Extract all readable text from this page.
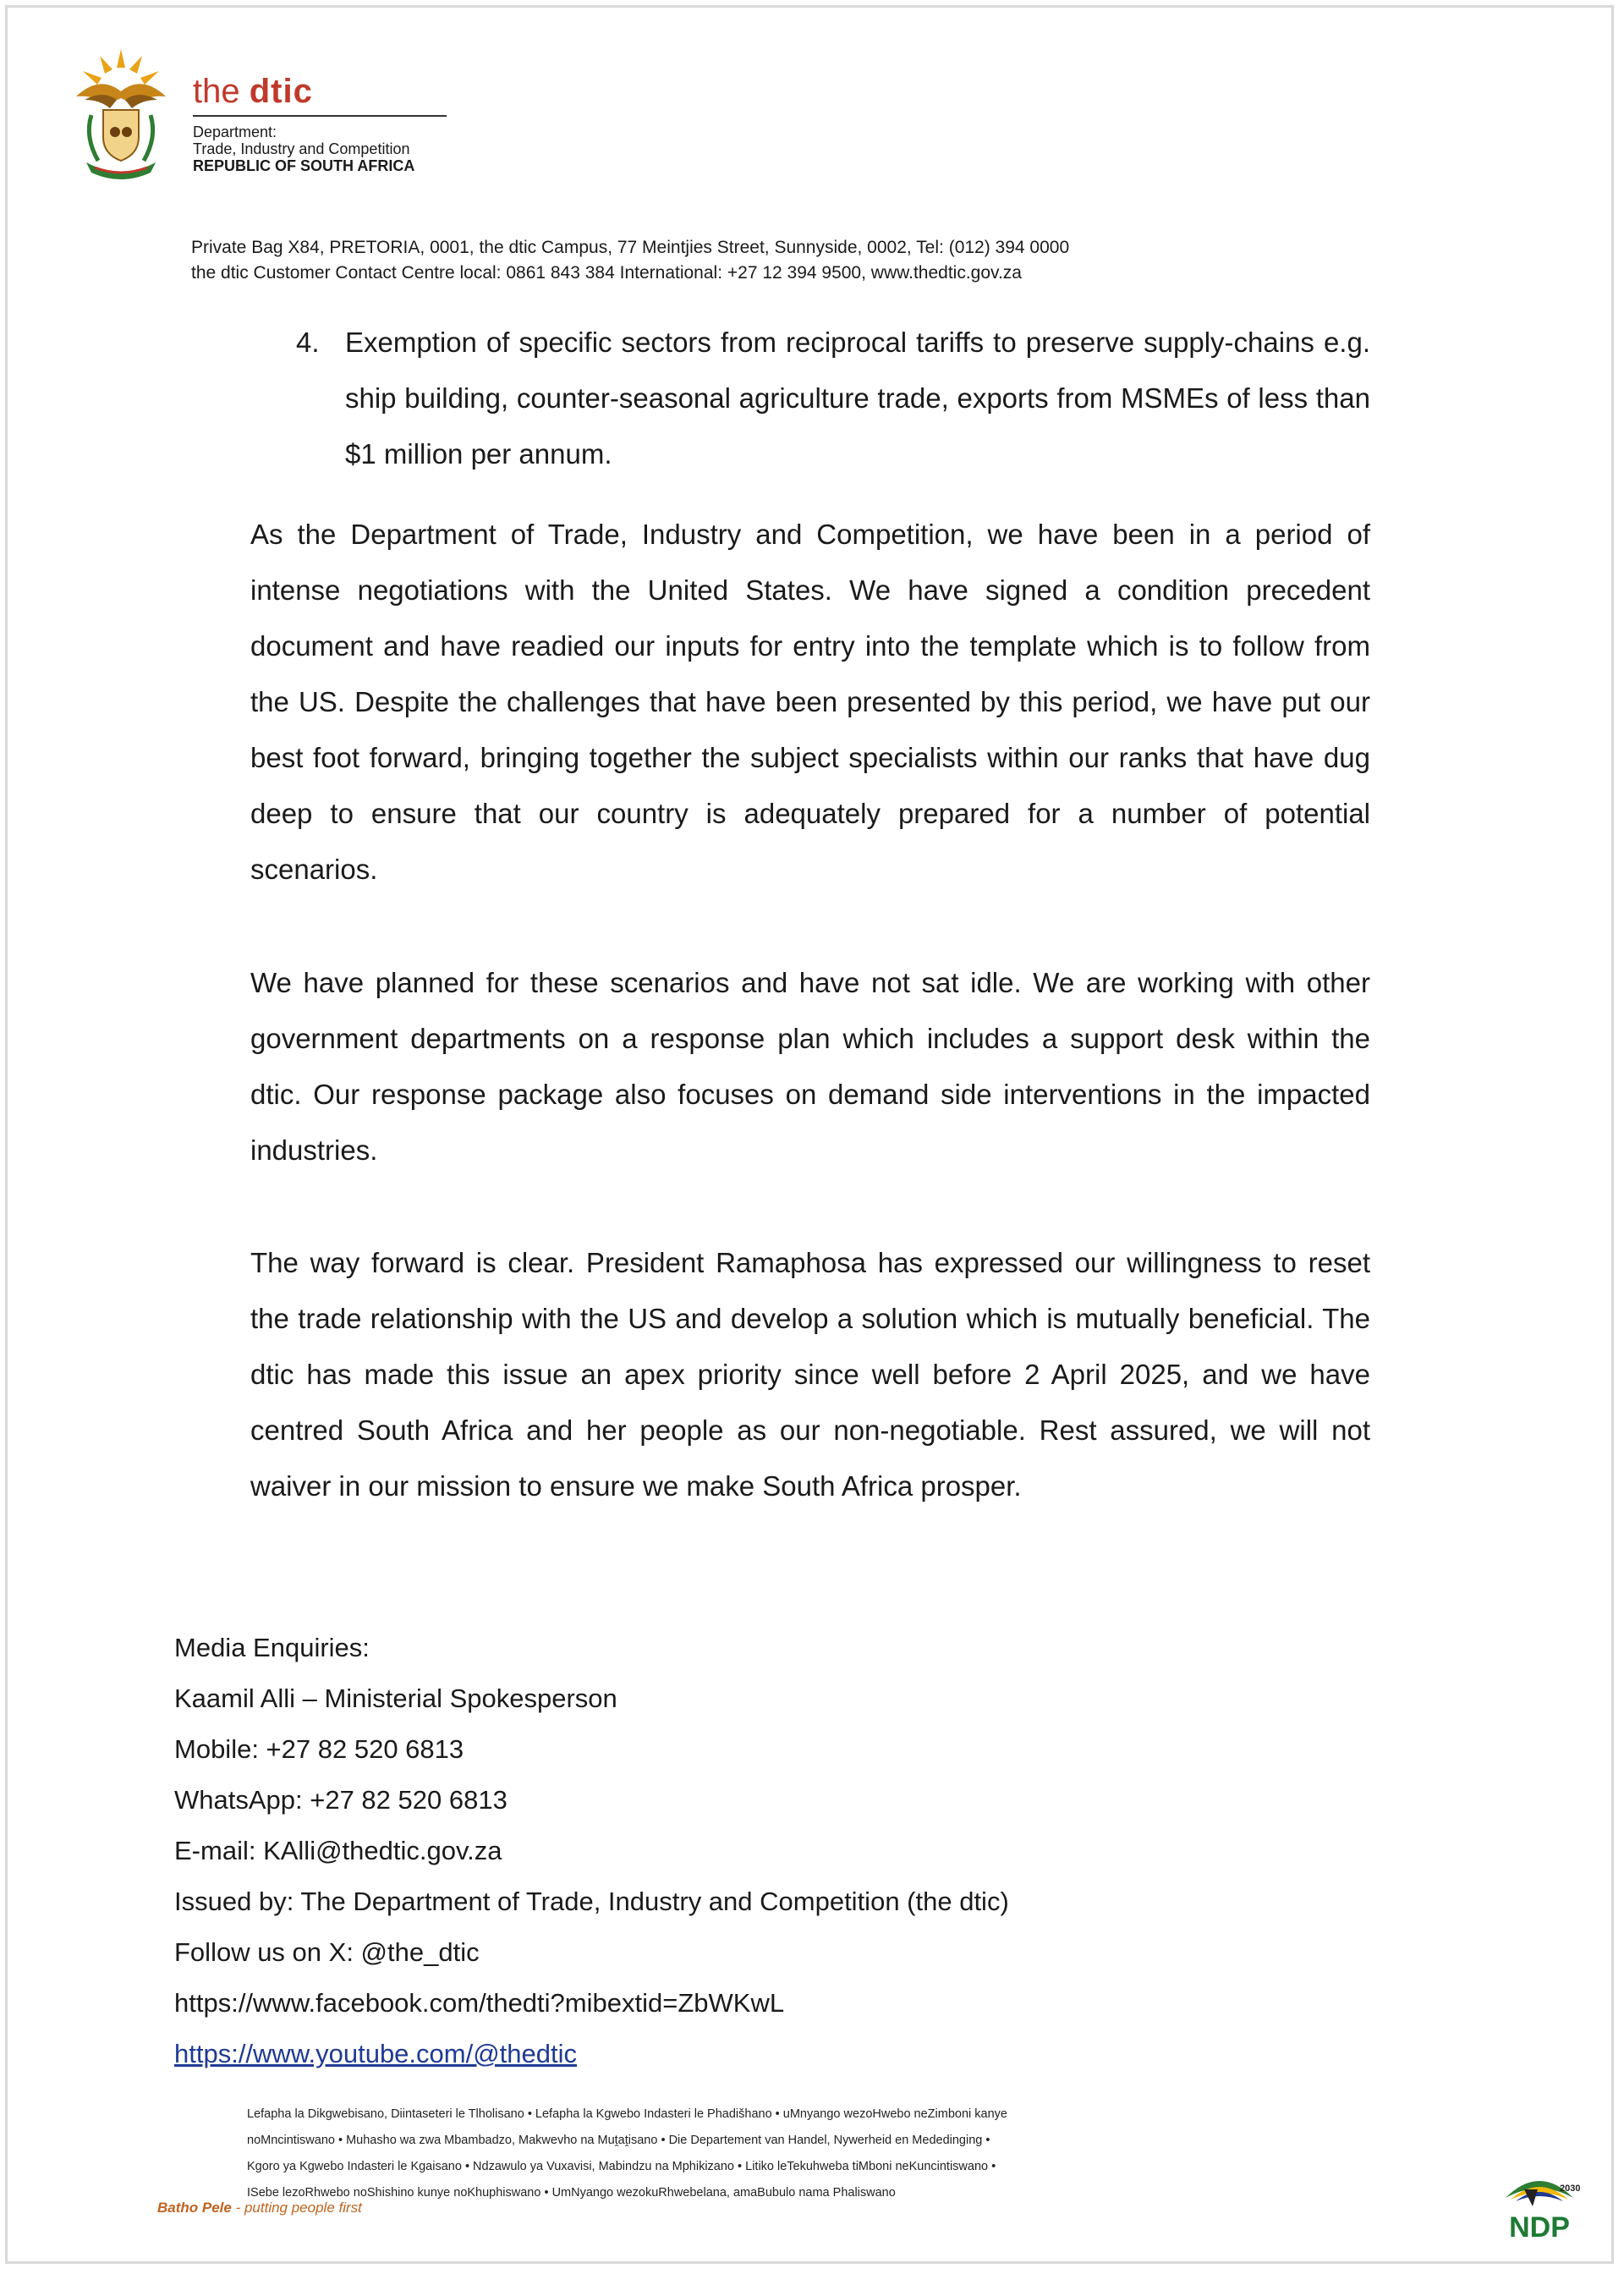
the dtic
Department:
Trade, Industry and Competition
REPUBLIC OF SOUTH AFRICA
Private Bag X84, PRETORIA, 0001, the dtic Campus, 77 Meintjies Street, Sunnyside, 0002, Tel: (012) 394 0000
the dtic Customer Contact Centre local: 0861 843 384 International: +27 12 394 9500, www.thedtic.gov.za
4. Exemption of specific sectors from reciprocal tariffs to preserve supply-chains e.g. ship building, counter-seasonal agriculture trade, exports from MSMEs of less than $1 million per annum.
As the Department of Trade, Industry and Competition, we have been in a period of intense negotiations with the United States. We have signed a condition precedent document and have readied our inputs for entry into the template which is to follow from the US. Despite the challenges that have been presented by this period, we have put our best foot forward, bringing together the subject specialists within our ranks that have dug deep to ensure that our country is adequately prepared for a number of potential scenarios.
We have planned for these scenarios and have not sat idle. We are working with other government departments on a response plan which includes a support desk within the dtic. Our response package also focuses on demand side interventions in the impacted industries.
The way forward is clear. President Ramaphosa has expressed our willingness to reset the trade relationship with the US and develop a solution which is mutually beneficial. The dtic has made this issue an apex priority since well before 2 April 2025, and we have centred South Africa and her people as our non-negotiable. Rest assured, we will not waiver in our mission to ensure we make South Africa prosper.
Media Enquiries:
Kaamil Alli – Ministerial Spokesperson
Mobile: +27 82 520 6813
WhatsApp: +27 82 520 6813
E-mail: KAlli@thedtic.gov.za
Issued by: The Department of Trade, Industry and Competition (the dtic)
Follow us on X: @the_dtic
https://www.facebook.com/thedti?mibextid=ZbWKwL
https://www.youtube.com/@thedtic
Lefapha la Dikgwebisano, Diintaseteri le Tlholisano • Lefapha la Kgwebo Indasteri le Phadišhano • uMnyango wezoHwebo neZimboni kanye
noMncintiswano • Muhasho wa zwa Mbambadzo, Makwevho na Muṱaṱisano • Die Departement van Handel, Nywerheid en Mededinging •
Kgoro ya Kgwebo Indasteri le Kgaisano • Ndzawulo ya Vuxavisi, Mabindzu na Mphikizano • Litiko leTekuhweba tiMboni neKuncintiswano •
ISebe lezoRhwebo noShishino kunye noKhuphiswano • UmNyango wezokuRhwebelana, amaBubulo nama Phaliswano
Batho Pele - putting people first
2030
NDP
